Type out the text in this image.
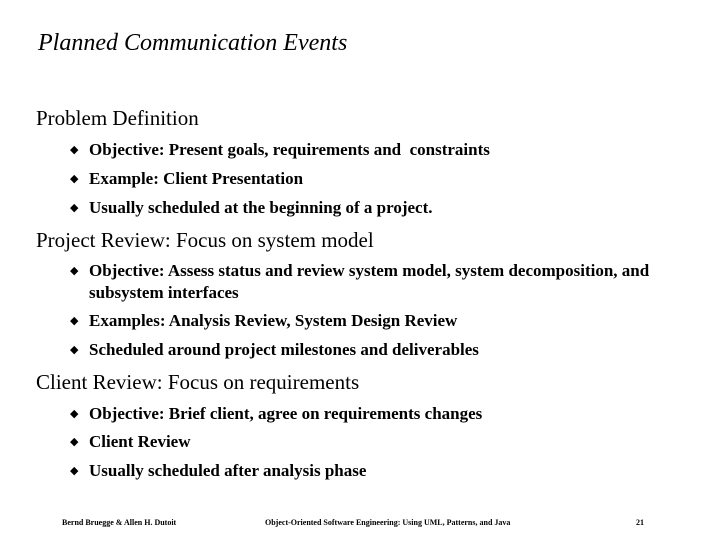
Planned Communication Events
Problem Definition
◆ Objective: Present goals, requirements and  constraints
◆ Example: Client Presentation
◆ Usually scheduled at the beginning of a project.
Project Review: Focus on system model
◆ Objective: Assess status and review system model, system decomposition, and subsystem interfaces
◆ Examples: Analysis Review, System Design Review
◆ Scheduled around project milestones and deliverables
Client Review: Focus on requirements
◆ Objective: Brief client, agree on requirements changes
◆ Client Review
◆ Usually scheduled after analysis phase
Bernd Bruegge & Allen H. Dutoit	Object-Oriented Software Engineering: Using UML, Patterns, and Java	21
